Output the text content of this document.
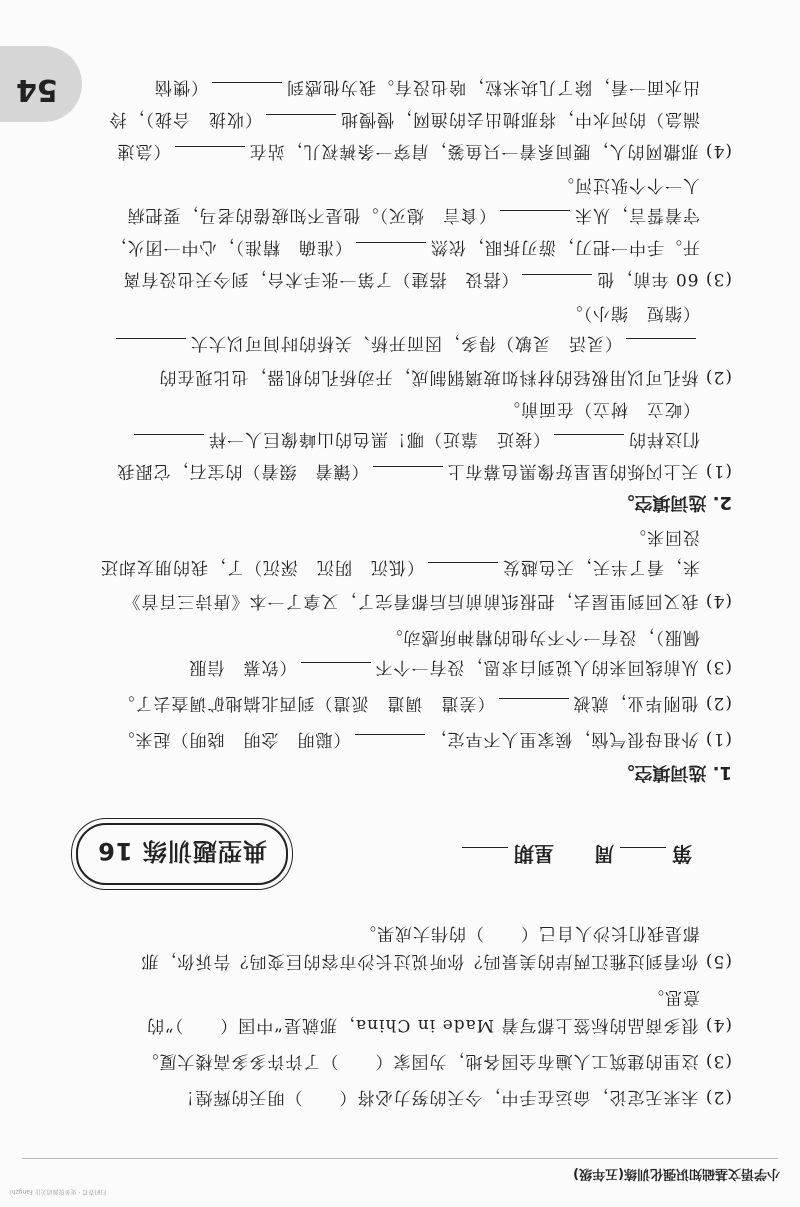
54
扫码查看 · 更多资源请关注 Fangzhi
小学语文基础知识强化训练(五年级)
(2) 未来无定论，命运在手中，今天的努力必将（　　）明天的辉煌！
(3) 这里的建筑工人遍布全国各地，为国家（　　）了许许多多高楼大厦。
(4) 很多商品的标签上都写着 Made in China，那就是“中国（　　）”的
意思。
(5) 你看到过雅江两岸的美景吗？你听说过长沙市容的巨变吗？告诉你，那
都是我们长沙人自己（　　）的伟大成果。
典型题训练 16	第周星期
1. 选词填空。
(1) 外祖母很气恼，候家里人不早定，（聪明　念明　晓明）起来。
(2) 他刚毕业，就被（差遣　调遣　派遣）到西北搞地矿调查去了。
(3) 从前线回来的人说到白求恩，没有一个不（钦慕　信服
佩服），没有一个不为他的精神所感动。
(4) 我又回到里屋去，把报纸前前后后都看完了，又拿了一本《唐诗三百首》
来，看了半天，天色越发（低沉　阴沉　深沉）了，我的朋友却还
没回来。
2. 选词填空。
(1) 天上闪烁的星星好像黑色幕布上（镶着　缀着）的宝石，它跟我
们这样的（接近　靠近）哪！黑色的山峰像巨人一样
（屹立　树立）在面前。
(2) 桥孔可以用极轻的材料如玻璃钢制成，开动桥孔的机器，也比现在的
（灵活　灵敏）得多，因而开桥、关桥的时间可以大大
（缩短　缩小）。
(3) 60 年前，他（搭设　搭建）了第一张手术台，到今天也没有离
开。手中一把刀，游刃拆眼，依然（准确　精准），心中一团火，
守着誓言，从未（食言　熄灭）。他是不知疲倦的老马，要把病
人一个个驮过河。
(4) 那撒网的人，腰间系着一只鱼篓，肩穿一条裤衩儿，站在（急速
湍急）的河水中，将那抛出去的渔网，慢慢地（收拢　合拢），拎
出水面一看，除了几块米粒，啥也没有。我为他感到（懊恼
